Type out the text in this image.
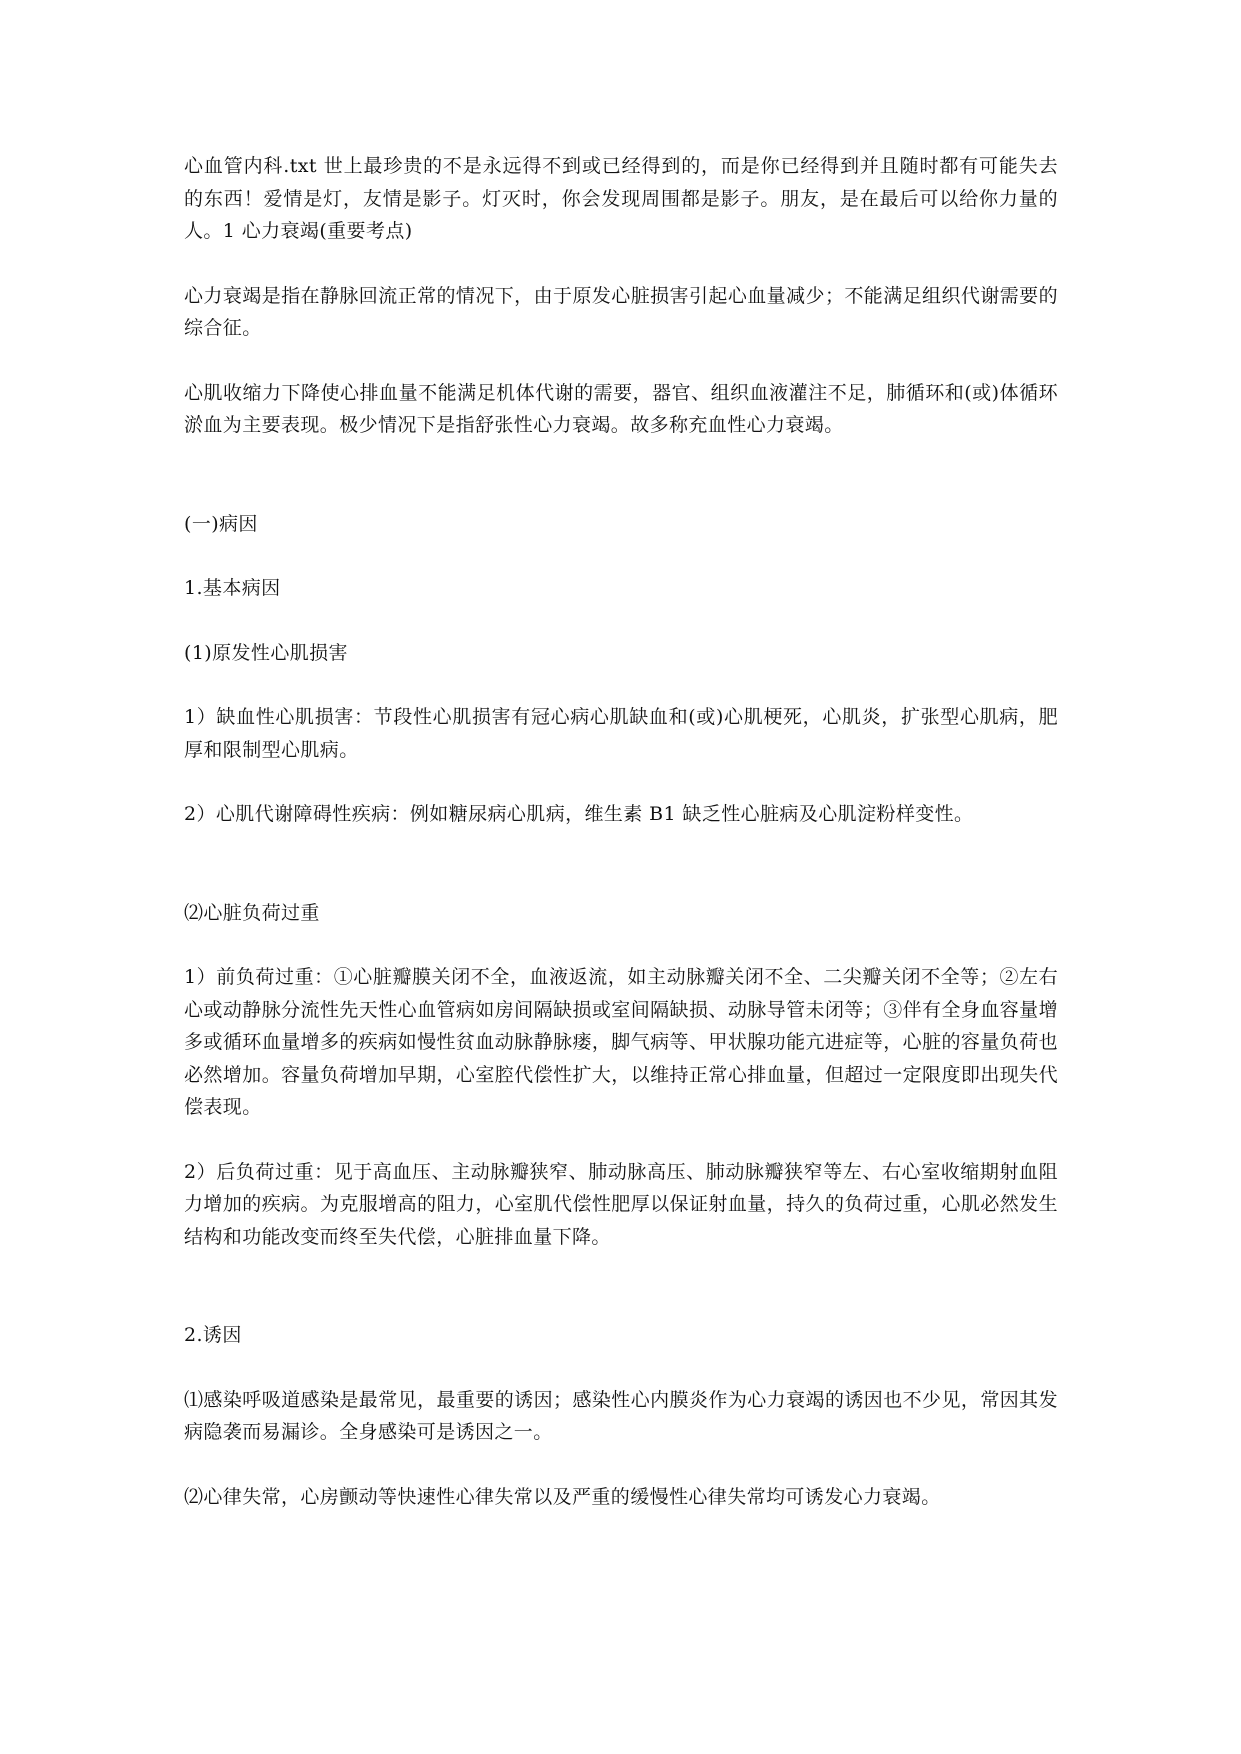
心血管内科.txt 世上最珍贵的不是永远得不到或已经得到的，而是你已经得到并且随时都有可能失去的东西！爱情是灯，友情是影子。灯灭时，你会发现周围都是影子。朋友，是在最后可以给你力量的人。1 心力衰竭(重要考点)

心力衰竭是指在静脉回流正常的情况下，由于原发心脏损害引起心血量减少；不能满足组织代谢需要的综合征。

心肌收缩力下降使心排血量不能满足机体代谢的需要，器官、组织血液灌注不足，肺循环和(或)体循环淤血为主要表现。极少情况下是指舒张性心力衰竭。故多称充血性心力衰竭。

(一)病因

1.基本病因

(1)原发性心肌损害

1）缺血性心肌损害：节段性心肌损害有冠心病心肌缺血和(或)心肌梗死，心肌炎，扩张型心肌病，肥厚和限制型心肌病。

2）心肌代谢障碍性疾病：例如糖尿病心肌病，维生素 B1 缺乏性心脏病及心肌淀粉样变性。

⑵心脏负荷过重

1）前负荷过重：①心脏瓣膜关闭不全，血液返流，如主动脉瓣关闭不全、二尖瓣关闭不全等；②左右心或动静脉分流性先天性心血管病如房间隔缺损或室间隔缺损、动脉导管未闭等；③伴有全身血容量增多或循环血量增多的疾病如慢性贫血动脉静脉瘘，脚气病等、甲状腺功能亢进症等，心脏的容量负荷也必然增加。容量负荷增加早期，心室腔代偿性扩大，以维持正常心排血量，但超过一定限度即出现失代偿表现。

2）后负荷过重：见于高血压、主动脉瓣狭窄、肺动脉高压、肺动脉瓣狭窄等左、右心室收缩期射血阻力增加的疾病。为克服增高的阻力，心室肌代偿性肥厚以保证射血量，持久的负荷过重，心肌必然发生结构和功能改变而终至失代偿，心脏排血量下降。

2.诱因

⑴感染呼吸道感染是最常见，最重要的诱因；感染性心内膜炎作为心力衰竭的诱因也不少见，常因其发病隐袭而易漏诊。全身感染可是诱因之一。

⑵心律失常，心房颤动等快速性心律失常以及严重的缓慢性心律失常均可诱发心力衰竭。
